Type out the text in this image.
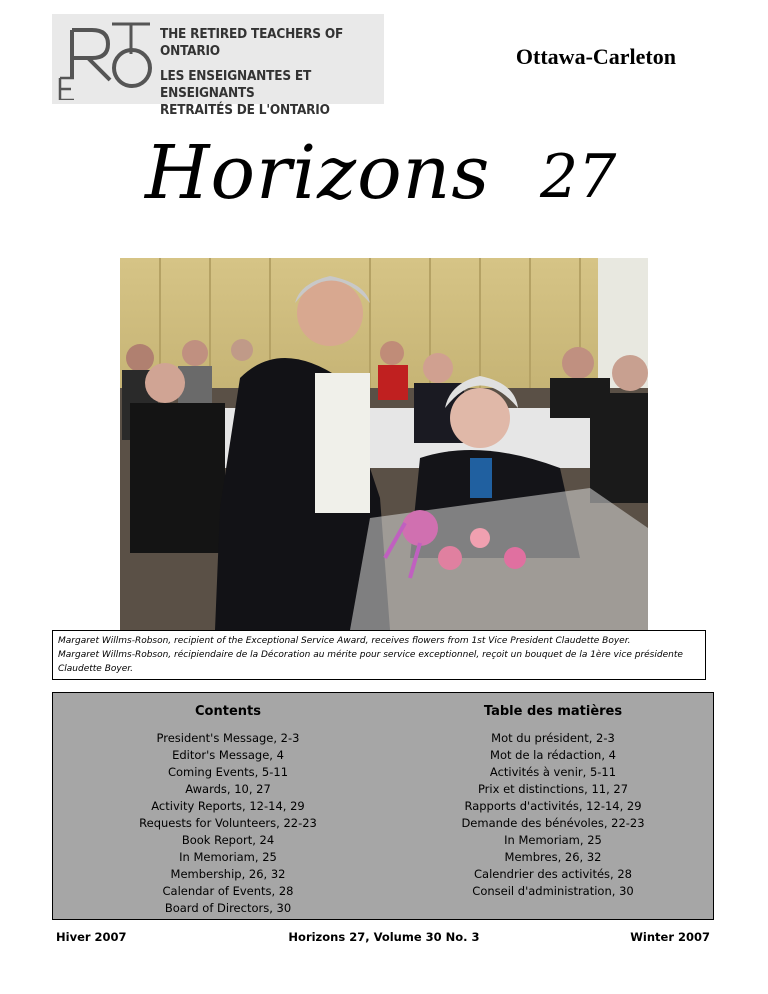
THE RETIRED TEACHERS OF ONTARIO
LES ENSEIGNANTES ET ENSEIGNANTS
RETRAITÉS DE L'ONTARIO
Ottawa-Carleton
Horizons 27
Margaret Willms-Robson, recipient of the Exceptional Service Award, receives flowers from 1st Vice President Claudette Boyer.
Margaret Willms-Robson, récipiendaire de la Décoration au mérite pour service exceptionnel, reçoit un bouquet de la 1ère vice présidente Claudette Boyer.
Contents
President's Message, 2-3
Editor's Message, 4
Coming Events, 5-11
Awards, 10, 27
Activity Reports, 12-14, 29
Requests for Volunteers, 22-23
Book Report, 24
In Memoriam, 25
Membership, 26, 32
Calendar of Events, 28
Board of Directors, 30
Table des matières
Mot du président, 2-3
Mot de la rédaction, 4
Activités à venir, 5-11
Prix et distinctions, 11, 27
Rapports d'activités, 12-14, 29
Demande des bénévoles, 22-23
In Memoriam, 25
Membres, 26, 32
Calendrier des activités, 28
Conseil d'administration, 30
Hiver 2007	Horizons 27, Volume 30 No. 3	Winter 2007
